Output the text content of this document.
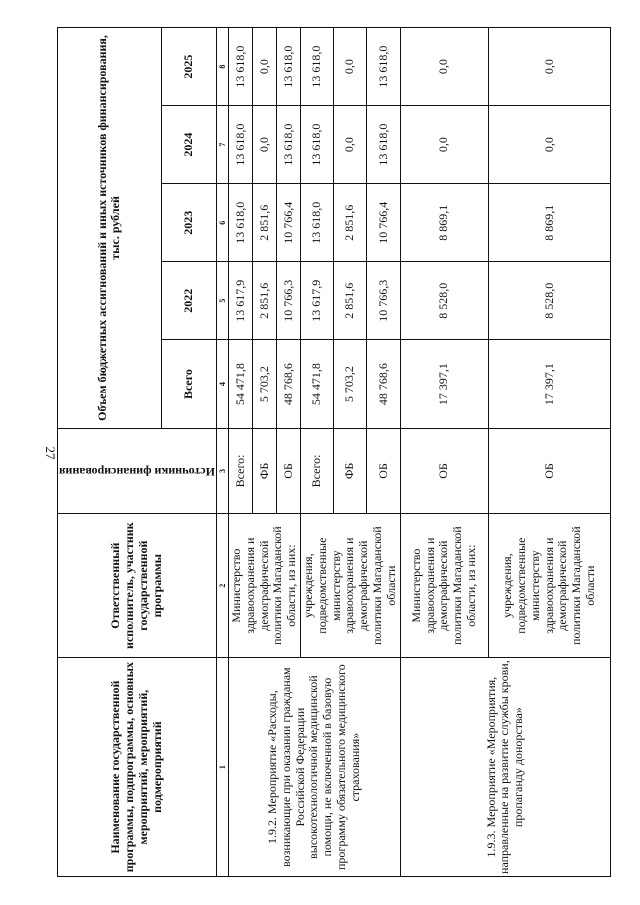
27
Наименование государственной программы, подпрограммы, основных мероприятий, мероприятий, подмероприятий	Ответственный исполнитель, участник государственной программы	Источники финансирования	Объем бюджетных ассигнований и иных источников финансирования, тыс. рублей				
			Всего	2022	2023	2024	2025
1	2	3	4	5	6	7	8
1.9.2. Мероприятие «Расходы, возникающие при оказании гражданам Российской Федерации высокотехнологичной медицинской помощи, не включенной в базовую программу обязательного медицинского страхования»	Министерство здравоохранения и демографической политики Магаданской области, из них:	Всего:	54 471,8	13 617,9	13 618,0	13 618,0	13 618,0
		ФБ	5 703,2	2 851,6	2 851,6	0,0	0,0
		ОБ	48 768,6	10 766,3	10 766,4	13 618,0	13 618,0
	учреждения, подведомственные министерству здравоохранения и демографической политики Магаданской области	Всего:	54 471,8	13 617,9	13 618,0	13 618,0	13 618,0
		ФБ	5 703,2	2 851,6	2 851,6	0,0	0,0
		ОБ	48 768,6	10 766,3	10 766,4	13 618,0	13 618,0
1.9.3. Мероприятие «Мероприятия, направленные на развитие службы крови, пропаганду донорства»	Министерство здравоохранения и демографической политики Магаданской области, из них:	ОБ	17 397,1	8 528,0	8 869,1	0,0	0,0
	учреждения, подведомственные министерству здравоохранения и демографической политики Магаданской области	ОБ	17 397,1	8 528,0	8 869,1	0,0	0,0
